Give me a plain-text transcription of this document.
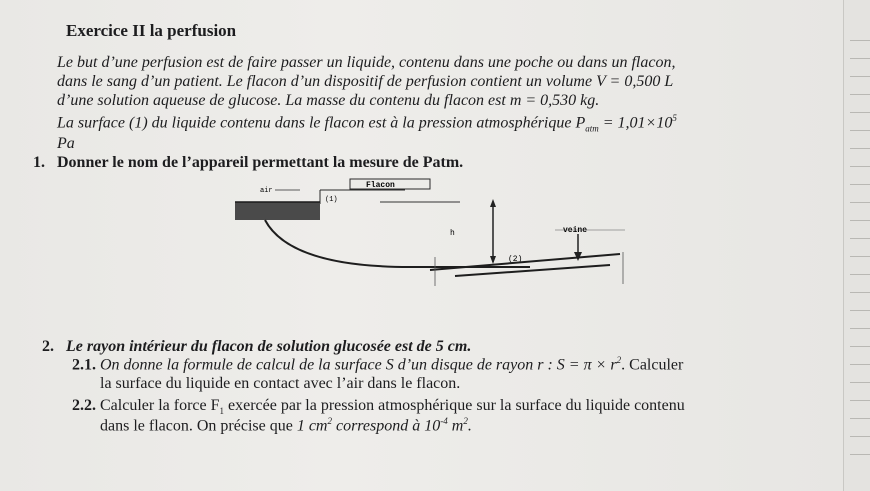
Exercice II la perfusion
Le but d’une perfusion est de faire passer un liquide, contenu dans une poche ou dans un flacon,
dans le sang d’un patient. Le flacon d’un dispositif de perfusion contient un volume V = 0,500 L
d’une solution aqueuse de glucose. La masse du contenu du flacon est m = 0,530 kg.
La surface (1) du liquide contenu dans le flacon est à la pression atmosphérique $P_{atm} = 1,01\times 10^5$
Pa
1. Donner le nom de l’appareil permettant la mesure de Patm.
Flacon
air
(1)
h	veine
(2)
2. Le rayon intérieur du flacon de solution glucosée est de 5 cm.
2.1. On donne la formule de calcul de la surface S d’un disque de rayon r : $S = \pi \times r^2$. Calculer
la surface du liquide en contact avec l’air dans le flacon.
2.2. Calculer la force $F_1$ exercée par la pression atmosphérique sur la surface du liquide contenu
dans le flacon. On précise que 1 $cm^2$ correspond à $10^{-4}$ $m^2$.
